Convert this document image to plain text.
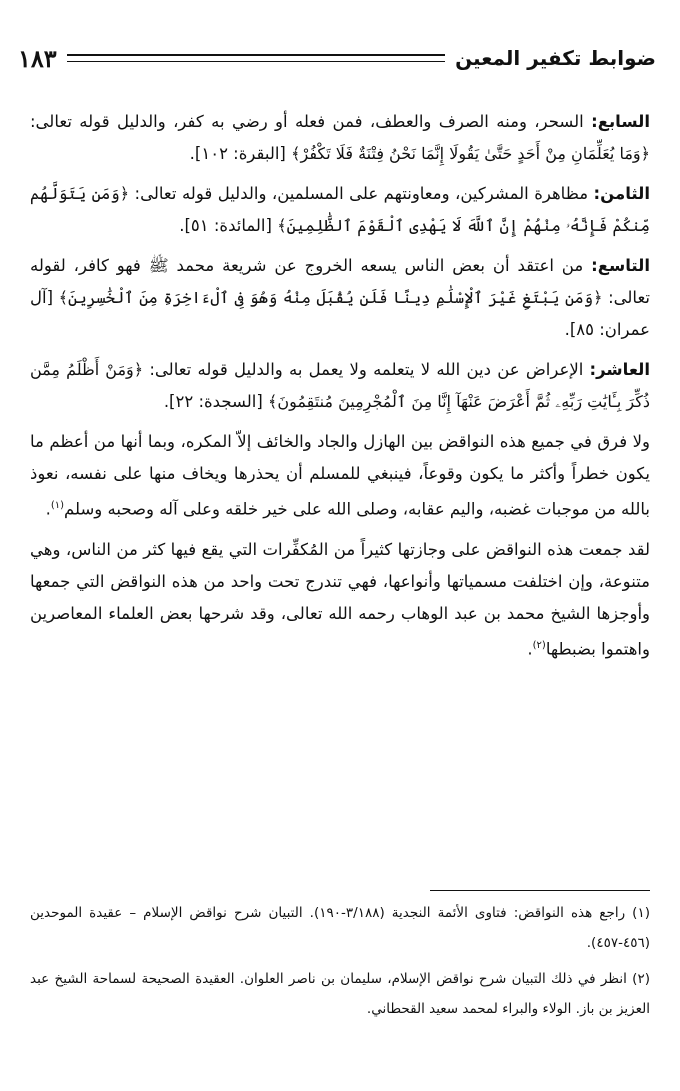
ضوابط تكفير المعين
١٨٣

السابع: السحر، ومنه الصرف والعطف، فمن فعله أو رضي به كفر، والدليل قوله تعالى: ﴿وَمَا يُعَلِّمَانِ مِنْ أَحَدٍ حَتَّىٰ يَقُولَا إِنَّمَا نَحْنُ فِتْنَةٌ فَلَا تَكْفُرْ﴾ [البقرة: ١٠٢].

الثامن: مظاهرة المشركين، ومعاونتهم على المسلمين، والدليل قوله تعالى: ﴿وَمَن يَتَوَلَّهُم مِّنكُمْ فَإِنَّهُۥ مِنْهُمْ إِنَّ ٱللَّهَ لَا يَهْدِى ٱلْقَوْمَ ٱلظَّٰلِمِينَ﴾ [المائدة: ٥١].

التاسع: من اعتقد أن بعض الناس يسعه الخروج عن شريعة محمد ﷺ فهو كافر، لقوله تعالى: ﴿وَمَن يَبْتَغِ غَيْرَ ٱلْإِسْلَٰمِ دِينًا فَلَن يُقْبَلَ مِنْهُ وَهُوَ فِى ٱلْءَاخِرَةِ مِنَ ٱلْخَٰسِرِينَ﴾ [آل عمران: ٨٥].

العاشر: الإعراض عن دين الله لا يتعلمه ولا يعمل به والدليل قوله تعالى: ﴿وَمَنْ أَظْلَمُ مِمَّن ذُكِّرَ بِـَٔايَٰتِ رَبِّهِۦ ثُمَّ أَعْرَضَ عَنْهَآ إِنَّا مِنَ ٱلْمُجْرِمِينَ مُنتَقِمُونَ﴾ [السجدة: ٢٢].

ولا فرق في جميع هذه النواقض بين الهازل والجاد والخائف إلاّ المكره، وبما أنها من أعظم ما يكون خطراً وأكثر ما يكون وقوعاً، فينبغي للمسلم أن يحذرها ويخاف منها على نفسه، نعوذ بالله من موجبات غضبه، واليم عقابه، وصلى الله على خير خلقه وعلى آله وصحبه وسلم$^{(١)}$.

لقد جمعت هذه النواقض على وجازتها كثيراً من المُكفِّرات التي يقع فيها كثر من الناس، وهي متنوعة، وإن اختلفت مسمياتها وأنواعها، فهي تندرج تحت واحد من هذه النواقض التي جمعها وأوجزها الشيخ محمد بن عبد الوهاب رحمه الله تعالى، وقد شرحها بعض العلماء المعاصرين واهتموا بضبطها$^{(٢)}$.

(١) راجع هذه النواقض: فتاوى الأئمة النجدية (٣/١٨٨-١٩٠). التبيان شرح نواقض الإسلام – عقيدة الموحدين (٤٥٦-٤٥٧).

(٢) انظر في ذلك التبيان شرح نواقض الإسلام، سليمان بن ناصر العلوان. العقيدة الصحيحة لسماحة الشيخ عبد العزيز بن باز. الولاء والبراء لمحمد سعيد القحطاني.
